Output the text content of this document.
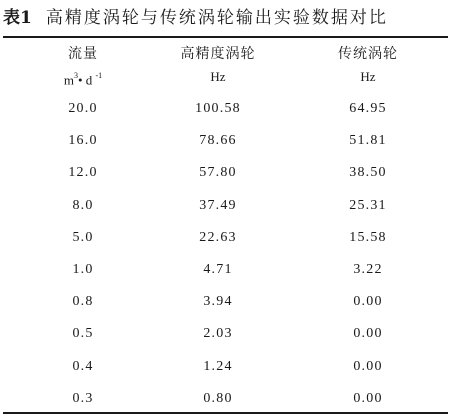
表1 高精度涡轮与传统涡轮输出实验数据对比
流量	高精度涡轮	传统涡轮
$m^3•$ d $^{-1}$	Hz	Hz
20.0	100.58	64.95
16.0	78.66	51.81
12.0	57.80	38.50
8.0	37.49	25.31
5.0	22.63	15.58
1.0	4.71	3.22
0.8	3.94	0.00
0.5	2.03	0.00
0.4	1.24	0.00
0.3	0.80	0.00
